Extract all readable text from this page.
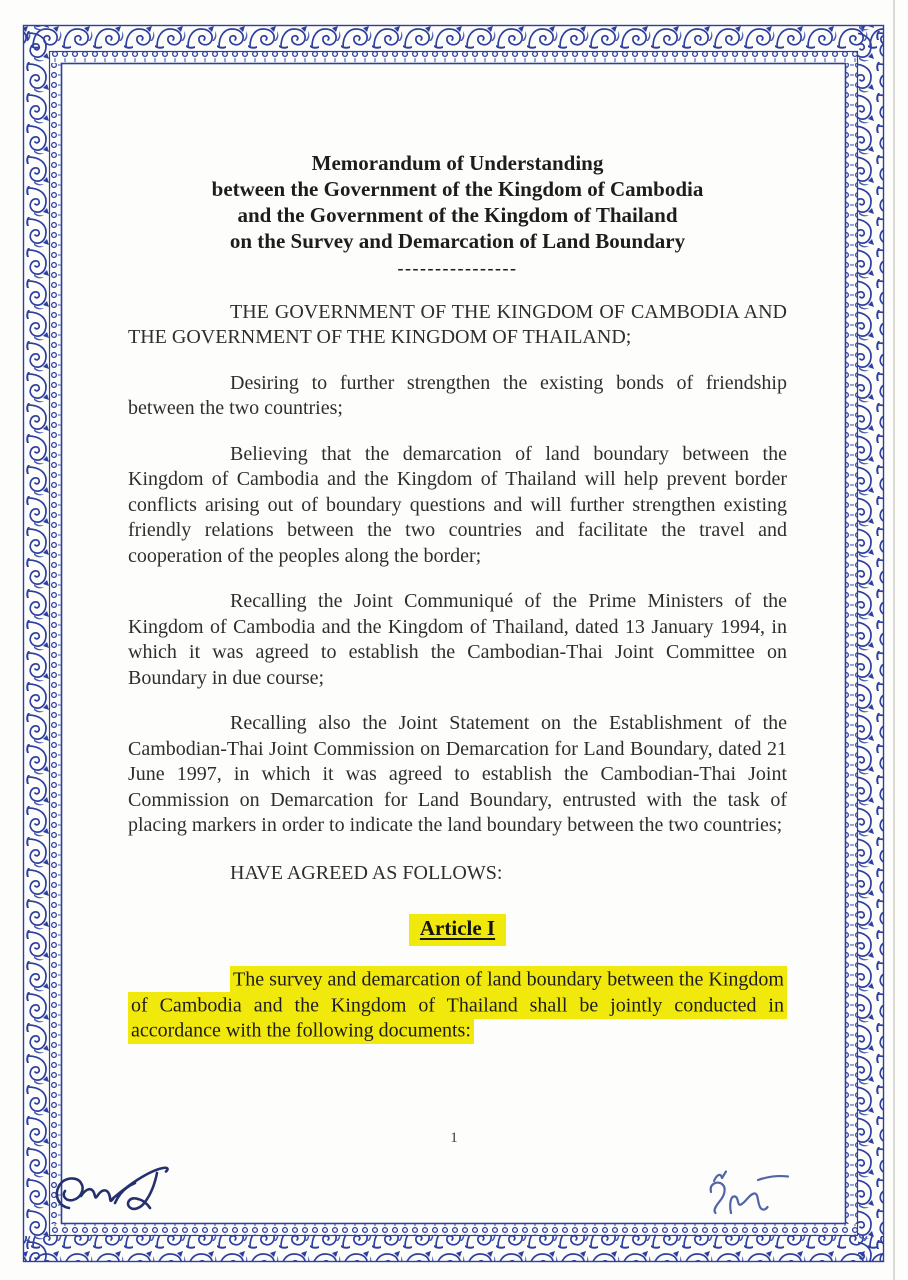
Memorandum of Understanding
between the Government of the Kingdom of Cambodia
and the Government of the Kingdom of Thailand
on the Survey and Demarcation of Land Boundary
----------------

THE GOVERNMENT OF THE KINGDOM OF CAMBODIA AND THE GOVERNMENT OF THE KINGDOM OF THAILAND;

Desiring to further strengthen the existing bonds of friendship between the two countries;

Believing that the demarcation of land boundary between the Kingdom of Cambodia and the Kingdom of Thailand will help prevent border conflicts arising out of boundary questions and will further strengthen existing friendly relations between the two countries and facilitate the travel and cooperation of the peoples along the border;

Recalling the Joint Communiqué of the Prime Ministers of the Kingdom of Cambodia and the Kingdom of Thailand, dated 13 January 1994, in which it was agreed to establish the Cambodian-Thai Joint Committee on Boundary in due course;

Recalling also the Joint Statement on the Establishment of the Cambodian-Thai Joint Commission on Demarcation for Land Boundary, dated 21 June 1997, in which it was agreed to establish the Cambodian-Thai Joint Commission on Demarcation for Land Boundary, entrusted with the task of placing markers in order to indicate the land boundary between the two countries;

HAVE AGREED AS FOLLOWS:

Article I

The survey and demarcation of land boundary between the Kingdom of Cambodia and the Kingdom of Thailand shall be jointly conducted in accordance with the following documents:

1
